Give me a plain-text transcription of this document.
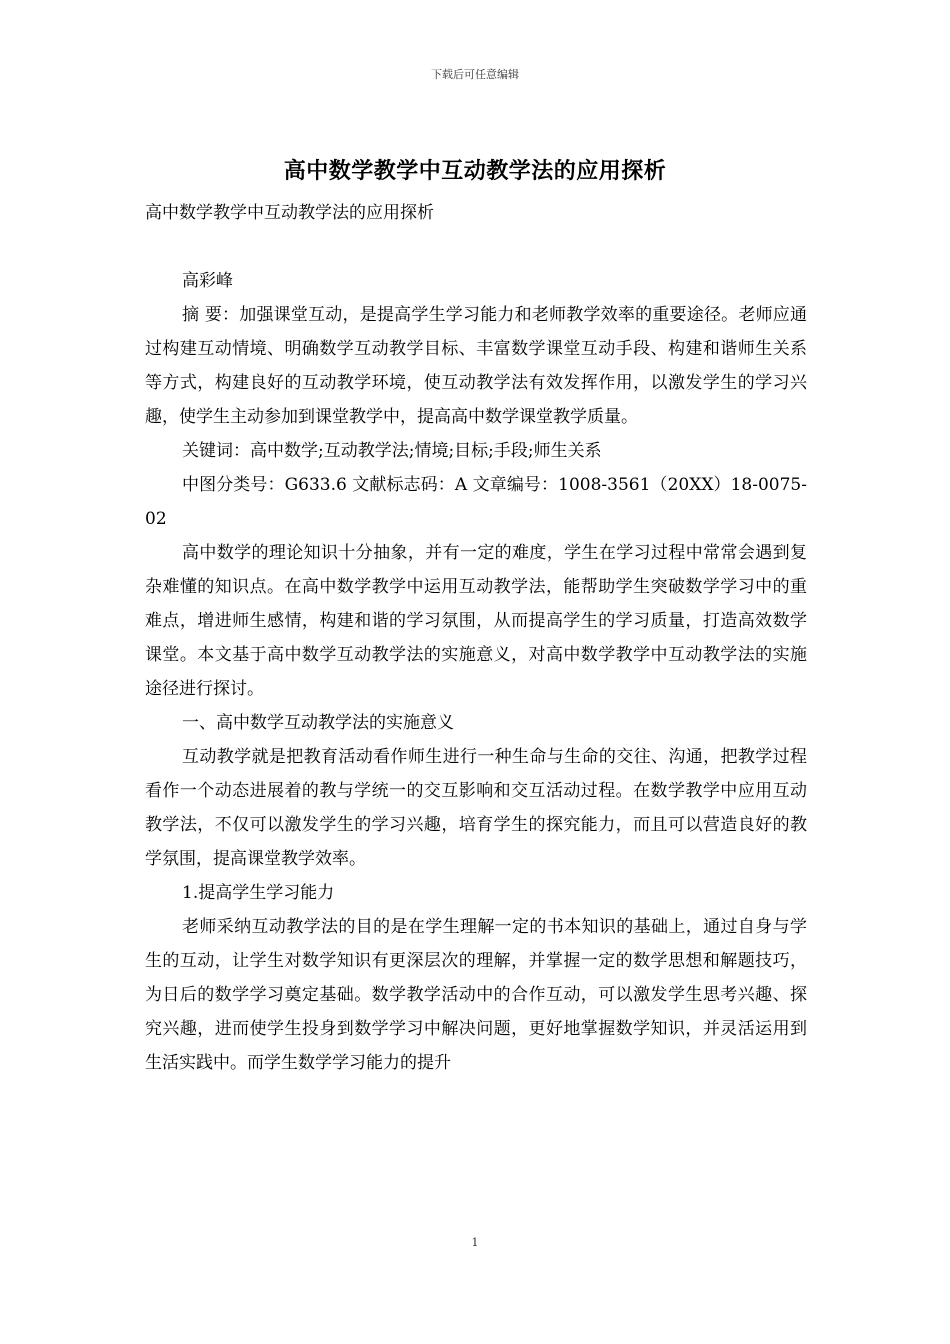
下载后可任意编辑
高中数学教学中互动教学法的应用探析

高中数学教学中互动教学法的应用探析

高彩峰

摘 要：加强课堂互动，是提高学生学习能力和老师教学效率的重要途径。老师应通过构建互动情境、明确数学互动教学目标、丰富数学课堂互动手段、构建和谐师生关系等方式，构建良好的互动教学环境，使互动教学法有效发挥作用，以激发学生的学习兴趣，使学生主动参加到课堂教学中，提高高中数学课堂教学质量。

关键词：高中数学;互动教学法;情境;目标;手段;师生关系

中图分类号：G633.6 文献标志码：A 文章编号：1008-3561（20XX）18-0075-02

高中数学的理论知识十分抽象，并有一定的难度，学生在学习过程中常常会遇到复杂难懂的知识点。在高中数学教学中运用互动教学法，能帮助学生突破数学学习中的重难点，增进师生感情，构建和谐的学习氛围，从而提高学生的学习质量，打造高效数学课堂。本文基于高中数学互动教学法的实施意义，对高中数学教学中互动教学法的实施途径进行探讨。

一、高中数学互动教学法的实施意义

互动教学就是把教育活动看作师生进行一种生命与生命的交往、沟通，把教学过程看作一个动态进展着的教与学统一的交互影响和交互活动过程。在数学教学中应用互动教学法，不仅可以激发学生的学习兴趣，培育学生的探究能力，而且可以营造良好的教学氛围，提高课堂教学效率。

1.提高学生学习能力

老师采纳互动教学法的目的是在学生理解一定的书本知识的基础上，通过自身与学生的互动，让学生对数学知识有更深层次的理解，并掌握一定的数学思想和解题技巧，为日后的数学学习奠定基础。数学教学活动中的合作互动，可以激发学生思考兴趣、探究兴趣，进而使学生投身到数学学习中解决问题，更好地掌握数学知识，并灵活运用到生活实践中。而学生数学学习能力的提升

1
